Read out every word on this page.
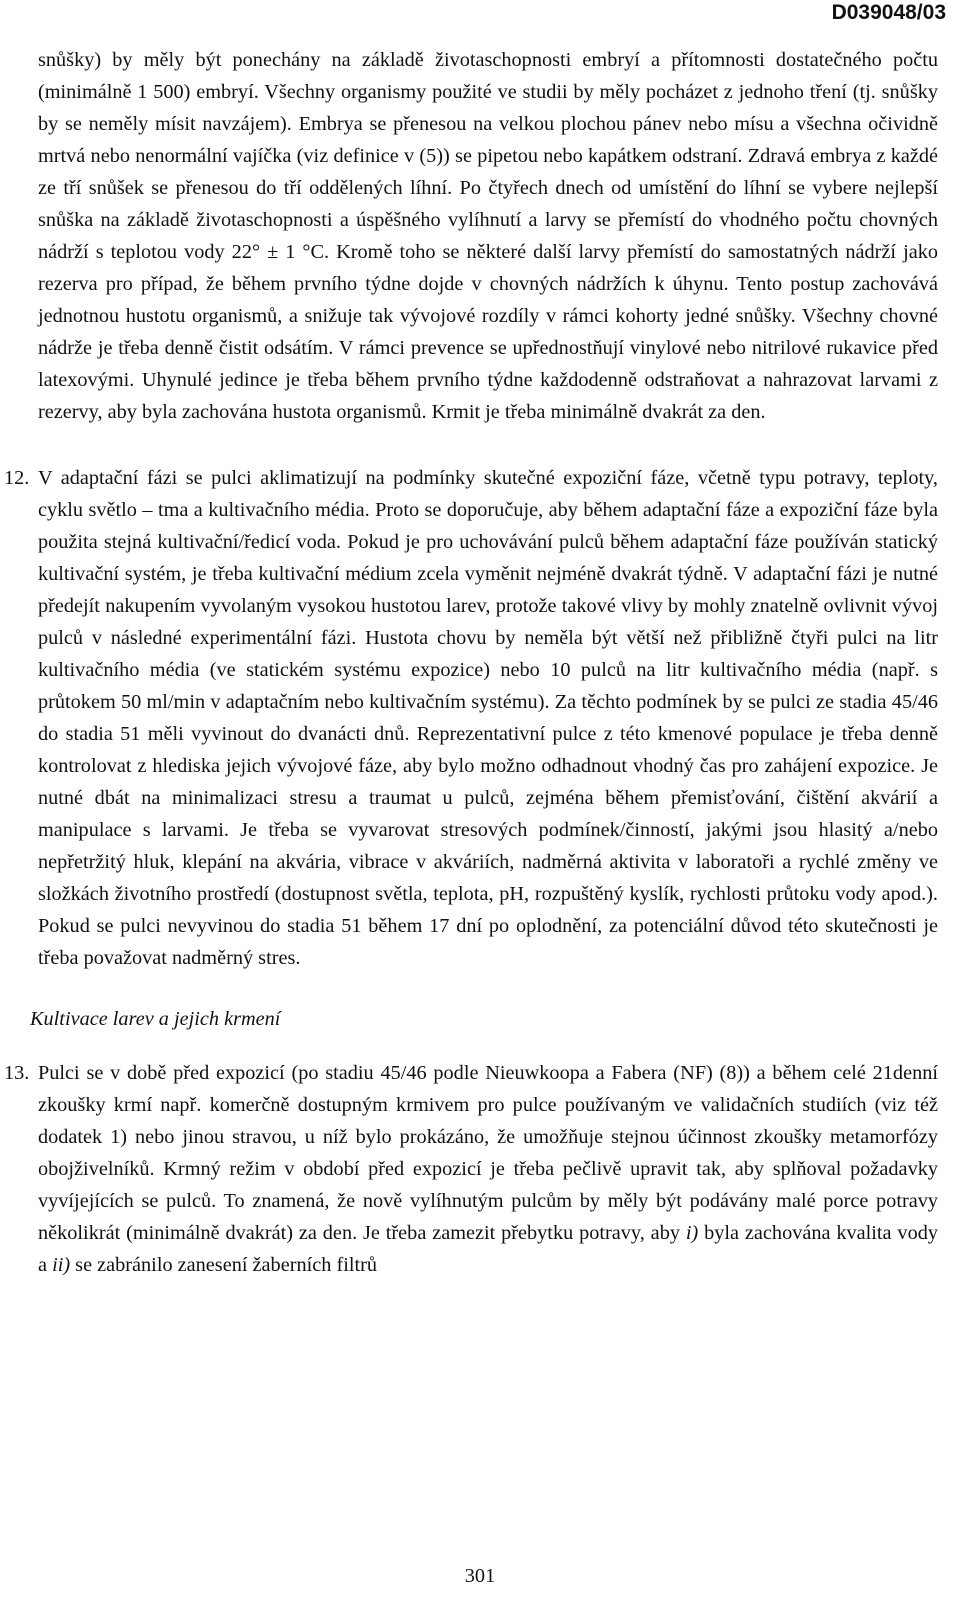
D039048/03

snůšky) by měly být ponechány na základě životaschopnosti embryí a přítomnosti dostatečného počtu (minimálně 1 500) embryí. Všechny organismy použité ve studii by měly pocházet z jednoho tření (tj. snůšky by se neměly mísit navzájem). Embrya se přenesou na velkou plochou pánev nebo mísu a všechna očividně mrtvá nebo nenormální vajíčka (viz definice v (5)) se pipetou nebo kapátkem odstraní. Zdravá embrya z každé ze tří snůšek se přenesou do tří oddělených líhní. Po čtyřech dnech od umístění do líhní se vybere nejlepší snůška na základě životaschopnosti a úspěšného vylíhnutí a larvy se přemístí do vhodného počtu chovných nádrží s teplotou vody 22° ± 1 °C. Kromě toho se některé další larvy přemístí do samostatných nádrží jako rezerva pro případ, že během prvního týdne dojde v chovných nádržích k úhynu. Tento postup zachovává jednotnou hustotu organismů, a snižuje tak vývojové rozdíly v rámci kohorty jedné snůšky. Všechny chovné nádrže je třeba denně čistit odsátím. V rámci prevence se upřednostňují vinylové nebo nitrilové rukavice před latexovými. Uhynulé jedince je třeba během prvního týdne každodenně odstraňovat a nahrazovat larvami z rezervy, aby byla zachována hustota organismů. Krmit je třeba minimálně dvakrát za den.

12. V adaptační fázi se pulci aklimatizují na podmínky skutečné expoziční fáze, včetně typu potravy, teploty, cyklu světlo – tma a kultivačního média. Proto se doporučuje, aby během adaptační fáze a expoziční fáze byla použita stejná kultivační/ředicí voda. Pokud je pro uchovávání pulců během adaptační fáze používán statický kultivační systém, je třeba kultivační médium zcela vyměnit nejméně dvakrát týdně. V adaptační fázi je nutné předejít nakupením vyvolaným vysokou hustotou larev, protože takové vlivy by mohly znatelně ovlivnit vývoj pulců v následné experimentální fázi. Hustota chovu by neměla být větší než přibližně čtyři pulci na litr kultivačního média (ve statickém systému expozice) nebo 10 pulců na litr kultivačního média (např. s průtokem 50 ml/min v adaptačním nebo kultivačním systému). Za těchto podmínek by se pulci ze stadia 45/46 do stadia 51 měli vyvinout do dvanácti dnů. Reprezentativní pulce z této kmenové populace je třeba denně kontrolovat z hlediska jejich vývojové fáze, aby bylo možno odhadnout vhodný čas pro zahájení expozice. Je nutné dbát na minimalizaci stresu a traumat u pulců, zejména během přemisťování, čištění akvárií a manipulace s larvami. Je třeba se vyvarovat stresových podmínek/činností, jakými jsou hlasitý a/nebo nepřetržitý hluk, klepání na akvária, vibrace v akváriích, nadměrná aktivita v laboratoři a rychlé změny ve složkách životního prostředí (dostupnost světla, teplota, pH, rozpuštěný kyslík, rychlosti průtoku vody apod.). Pokud se pulci nevyvinou do stadia 51 během 17 dní po oplodnění, za potenciální důvod této skutečnosti je třeba považovat nadměrný stres.

Kultivace larev a jejich krmení

13. Pulci se v době před expozicí (po stadiu 45/46 podle Nieuwkoopa a Fabera (NF) (8)) a během celé 21denní zkoušky krmí např. komerčně dostupným krmivem pro pulce používaným ve validačních studiích (viz též dodatek 1) nebo jinou stravou, u níž bylo prokázáno, že umožňuje stejnou účinnost zkoušky metamorfózy obojživelníků. Krmný režim v období před expozicí je třeba pečlivě upravit tak, aby splňoval požadavky vyvíjejících se pulců. To znamená, že nově vylíhnutým pulcům by měly být podávány malé porce potravy několikrát (minimálně dvakrát) za den. Je třeba zamezit přebytku potravy, aby i) byla zachována kvalita vody a ii) se zabránilo zanesení žaberních filtrů

301
